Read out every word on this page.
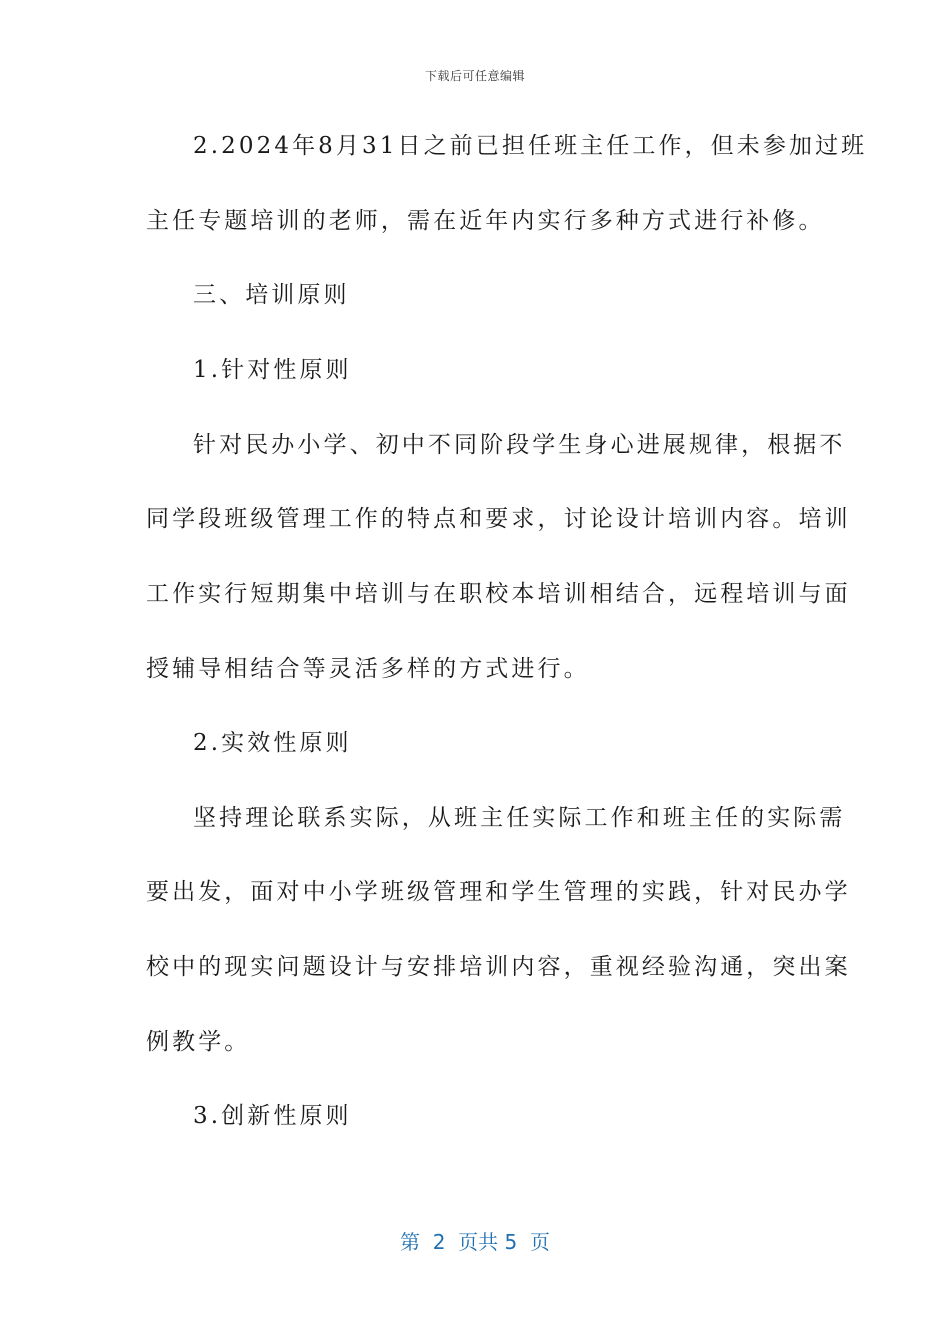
下载后可任意编辑
2.2024年8月31日之前已担任班主任工作，但未参加过班
主任专题培训的老师，需在近年内实行多种方式进行补修。
三、培训原则
1.针对性原则
针对民办小学、初中不同阶段学生身心进展规律，根据不
同学段班级管理工作的特点和要求，讨论设计培训内容。培训
工作实行短期集中培训与在职校本培训相结合，远程培训与面
授辅导相结合等灵活多样的方式进行。
2.实效性原则
坚持理论联系实际，从班主任实际工作和班主任的实际需
要出发，面对中小学班级管理和学生管理的实践，针对民办学
校中的现实问题设计与安排培训内容，重视经验沟通，突出案
例教学。
3.创新性原则
第  2  页共 5  页
